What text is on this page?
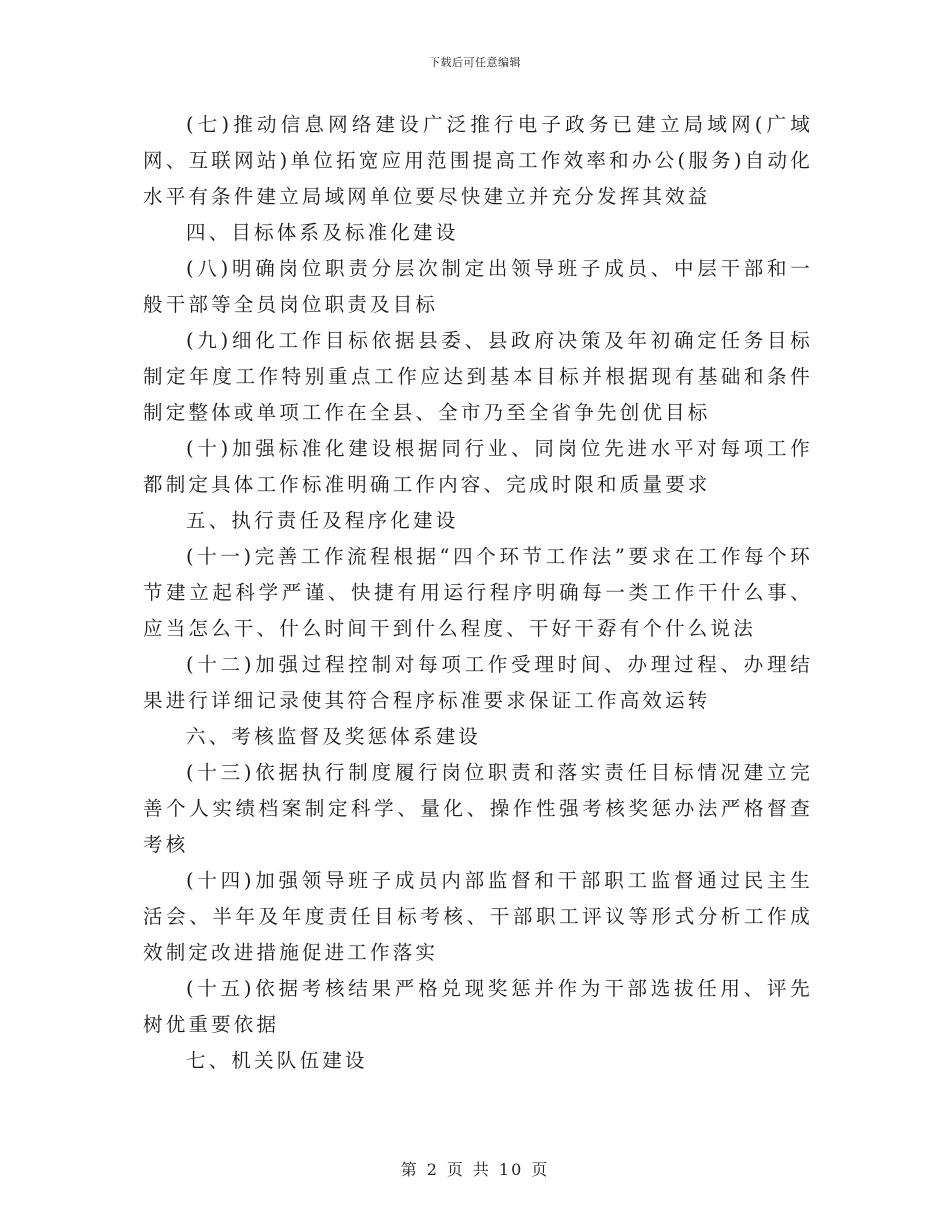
下载后可任意编辑

(七)推动信息网络建设广泛推行电子政务已建立局域网(广域网、互联网站)单位拓宽应用范围提高工作效率和办公(服务)自动化水平有条件建立局域网单位要尽快建立并充分发挥其效益

四、目标体系及标准化建设

(八)明确岗位职责分层次制定出领导班子成员、中层干部和一般干部等全员岗位职责及目标

(九)细化工作目标依据县委、县政府决策及年初确定任务目标制定年度工作特别重点工作应达到基本目标并根据现有基础和条件制定整体或单项工作在全县、全市乃至全省争先创优目标

(十)加强标准化建设根据同行业、同岗位先进水平对每项工作都制定具体工作标准明确工作内容、完成时限和质量要求

五、执行责任及程序化建设

(十一)完善工作流程根据“四个环节工作法”要求在工作每个环节建立起科学严谨、快捷有用运行程序明确每一类工作干什么事、应当怎么干、什么时间干到什么程度、干好干孬有个什么说法

(十二)加强过程控制对每项工作受理时间、办理过程、办理结果进行详细记录使其符合程序标准要求保证工作高效运转

六、考核监督及奖惩体系建设

(十三)依据执行制度履行岗位职责和落实责任目标情况建立完善个人实绩档案制定科学、量化、操作性强考核奖惩办法严格督查考核

(十四)加强领导班子成员内部监督和干部职工监督通过民主生活会、半年及年度责任目标考核、干部职工评议等形式分析工作成效制定改进措施促进工作落实

(十五)依据考核结果严格兑现奖惩并作为干部选拔任用、评先树优重要依据

七、机关队伍建设

第 2 页 共 10 页
